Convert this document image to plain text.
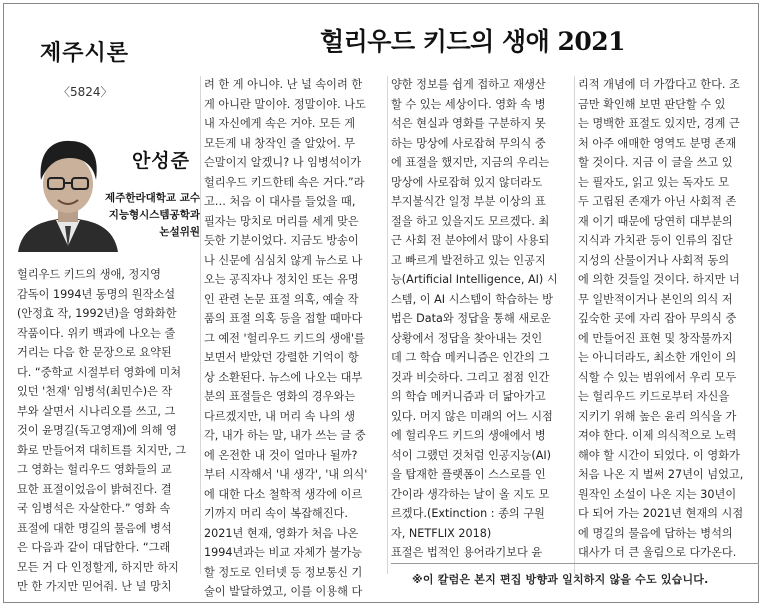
제주시론
〈5824〉
헐리우드 키드의 생애 2021
안성준
제주한라대학교 교수
지능형시스템공학과
논설위원
헐리우드 키드의 생애, 정지영
감독이 1994년 동명의 원작소설
(안정효 작, 1992년)을 영화화한
작품이다. 위키 백과에 나오는 줄
거리는 다음 한 문장으로 요약된
다. “중학교 시절부터 영화에 미쳐
있던 '천재' 임병석(최민수)은 작
부와 살면서 시나리오를 쓰고, 그
것이 윤명길(독고영재)에 의해 영
화로 만들어져 대히트를 치지만, 그
그 영화는 헐리우드 영화들의 교
묘한 표절이었음이 밝혀진다. 결
국 임병석은 자살한다.” 영화 속
표절에 대한 명길의 물음에 병석
은 다음과 같이 대답한다. “그래
모든 거 다 인정할게, 하지만 하지
만 한 가지만 믿어줘. 난 널 망치
려 한 게 아니야. 난 널 속이려 한
게 아니란 말이야. 정말이야. 나도
내 자신에게 속은 거야. 모든 게
모든게 내 창작인 줄 알았어. 무
슨말이지 알겠니? 나 임병석이가
헐리우드 키드한테 속은 거다.”라
고… 처음 이 대사를 들었을 때,
필자는 망치로 머리를 세게 맞은
듯한 기분이었다. 지금도 방송이
나 신문에 심심치 않게 뉴스로 나
오는 공직자나 정치인 또는 유명
인 관련 논문 표절 의혹, 예술 작
품의 표절 의혹 등을 접할 때마다
그 예전 '헐리우드 키드의 생애'를
보면서 받았던 강렬한 기억이 항
상 소환된다. 뉴스에 나오는 대부
분의 표절들은 영화의 경우와는
다르겠지만, 내 머리 속 나의 생
각, 내가 하는 말, 내가 쓰는 글 중
에 온전한 내 것이 얼마나 될까?
부터 시작해서 '내 생각', '내 의식'
에 대한 다소 철학적 생각에 이르
기까지 머리 속이 복잡해진다.
2021년 현재, 영화가 처음 나온
1994년과는 비교 자체가 불가능
할 정도로 인터넷 등 정보통신 기
술이 발달하였고, 이를 이용해 다
양한 정보를 쉽게 접하고 재생산
할 수 있는 세상이다. 영화 속 병
석은 현실과 영화를 구분하지 못
하는 망상에 사로잡혀 무의식 중
에 표절을 했지만, 지금의 우리는
망상에 사로잡혀 있지 않더라도
부지불식간 일정 부분 이상의 표
절을 하고 있을지도 모르겠다. 최
근 사회 전 분야에서 많이 사용되
고 빠르게 발전하고 있는 인공지
능(Artificial Intelligence, AI) 시
스템, 이 AI 시스템이 학습하는 방
법은 Data와 정답을 통해 새로운
상황에서 정답을 찾아내는 것인
데 그 학습 메커니즘은 인간의 그
것과 비슷하다. 그리고 점점 인간
의 학습 메커니즘과 더 닮아가고
있다. 머지 않은 미래의 어느 시점
에 헐리우드 키드의 생애에서 병
석이 그랬던 것처럼 인공지능(AI)
을 탑재한 플랫폼이 스스로를 인
간이라 생각하는 날이 올 지도 모
르겠다.(Extinction : 종의 구원
자, NETFLIX 2018)
표절은 법적인 용어라기보다 윤
리적 개념에 더 가깝다고 한다. 조
금만 확인해 보면 판단할 수 있
는 명백한 표절도 있지만, 경계 근
처 아주 애매한 영역도 분명 존재
할 것이다. 지금 이 글을 쓰고 있
는 필자도, 읽고 있는 독자도 모
두 고립된 존재가 아닌 사회적 존
재 이기 때문에 당연히 대부분의
지식과 가치관 등이 인류의 집단
지성의 산물이거나 사회적 동의
에 의한 것들일 것이다. 하지만 너
무 일반적이거나 본인의 의식 저
깊숙한 곳에 자리 잡아 무의식 중
에 만들어진 표현 및 창작물까지
는 아니더라도, 최소한 개인이 의
식할 수 있는 범위에서 우리 모두
는 헐리우드 키드로부터 자신을
지키기 위해 높은 윤리 의식을 가
져야 한다. 이제 의식적으로 노력
해야 할 시간이 되었다. 이 영화가
처음 나온 지 벌써 27년이 넘었고,
원작인 소설이 나온 지는 30년이
다 되어 가는 2021년 현재의 시점
에 명길의 물음에 답하는 병석의
대사가 더 큰 울림으로 다가온다.
※이 칼럼은 본지 편집 방향과 일치하지 않을 수도 있습니다.
